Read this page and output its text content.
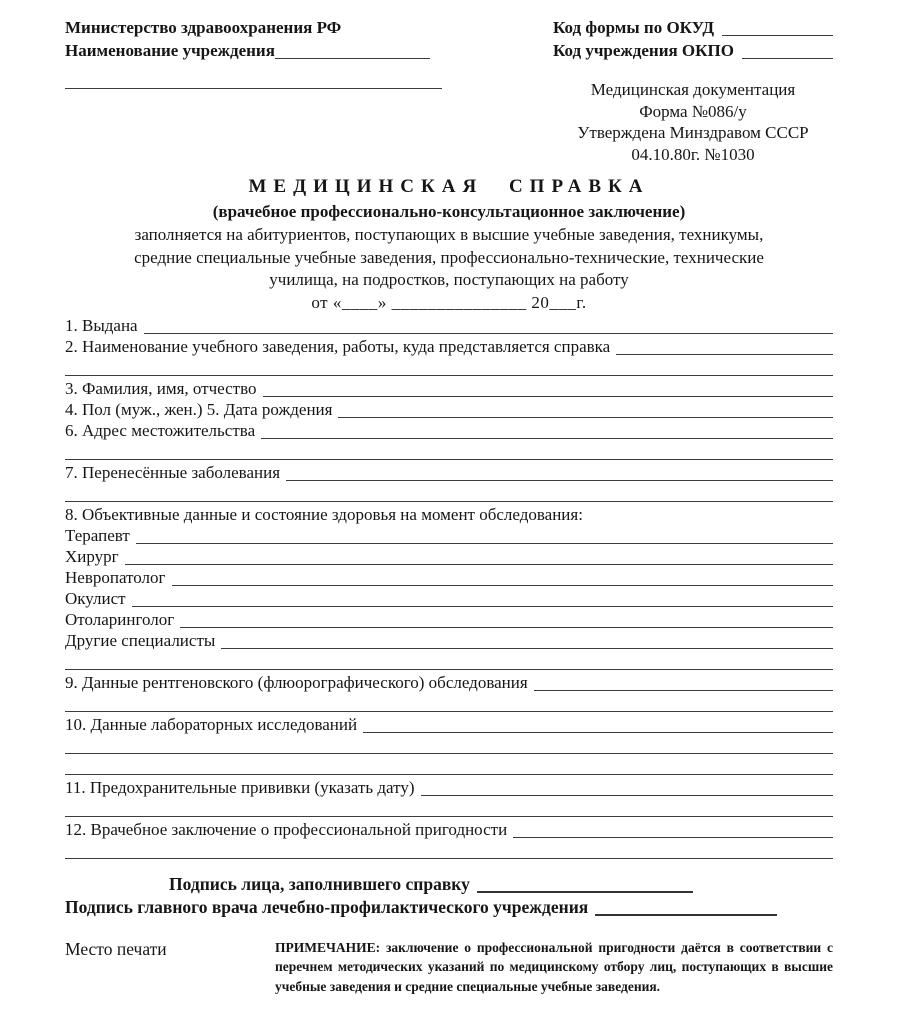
Министерство здравоохранения РФ
Наименование учреждения
Код формы по ОКУД
Код учреждения ОКПО
Медицинская документация
Форма №086/у
Утверждена Минздравом СССР
04.10.80г. №1030
МЕДИЦИНСКАЯ СПРАВКА
(врачебное профессионально-консультационное заключение)
заполняется на абитуриентов, поступающих в высшие учебные заведения, техникумы,
средние специальные учебные заведения, профессионально-технические, технические
училища, на подростков, поступающих на работу
от «____» _______________ 20___г.
1. Выдана
2. Наименование учебного заведения, работы, куда представляется справка
3. Фамилия, имя, отчество
4. Пол (муж., жен.) 5. Дата рождения
6. Адрес местожительства
7. Перенесённые заболевания
8. Объективные данные и состояние здоровья на момент обследования:
Терапевт
Хирург
Невропатолог
Окулист
Отоларинголог
Другие специалисты
9. Данные рентгеновского (флюорографического) обследования
10. Данные лабораторных исследований
11. Предохранительные прививки (указать дату)
12. Врачебное заключение о профессиональной пригодности
Подпись лица, заполнившего справку
Подпись главного врача лечебно-профилактического учреждения
Место печати	ПРИМЕЧАНИЕ: заключение о профессиональной пригодности даётся в соответствии с перечнем методических указаний по медицинскому отбору лиц, поступающих в высшие учебные заведения и средние специальные учебные заведения.
